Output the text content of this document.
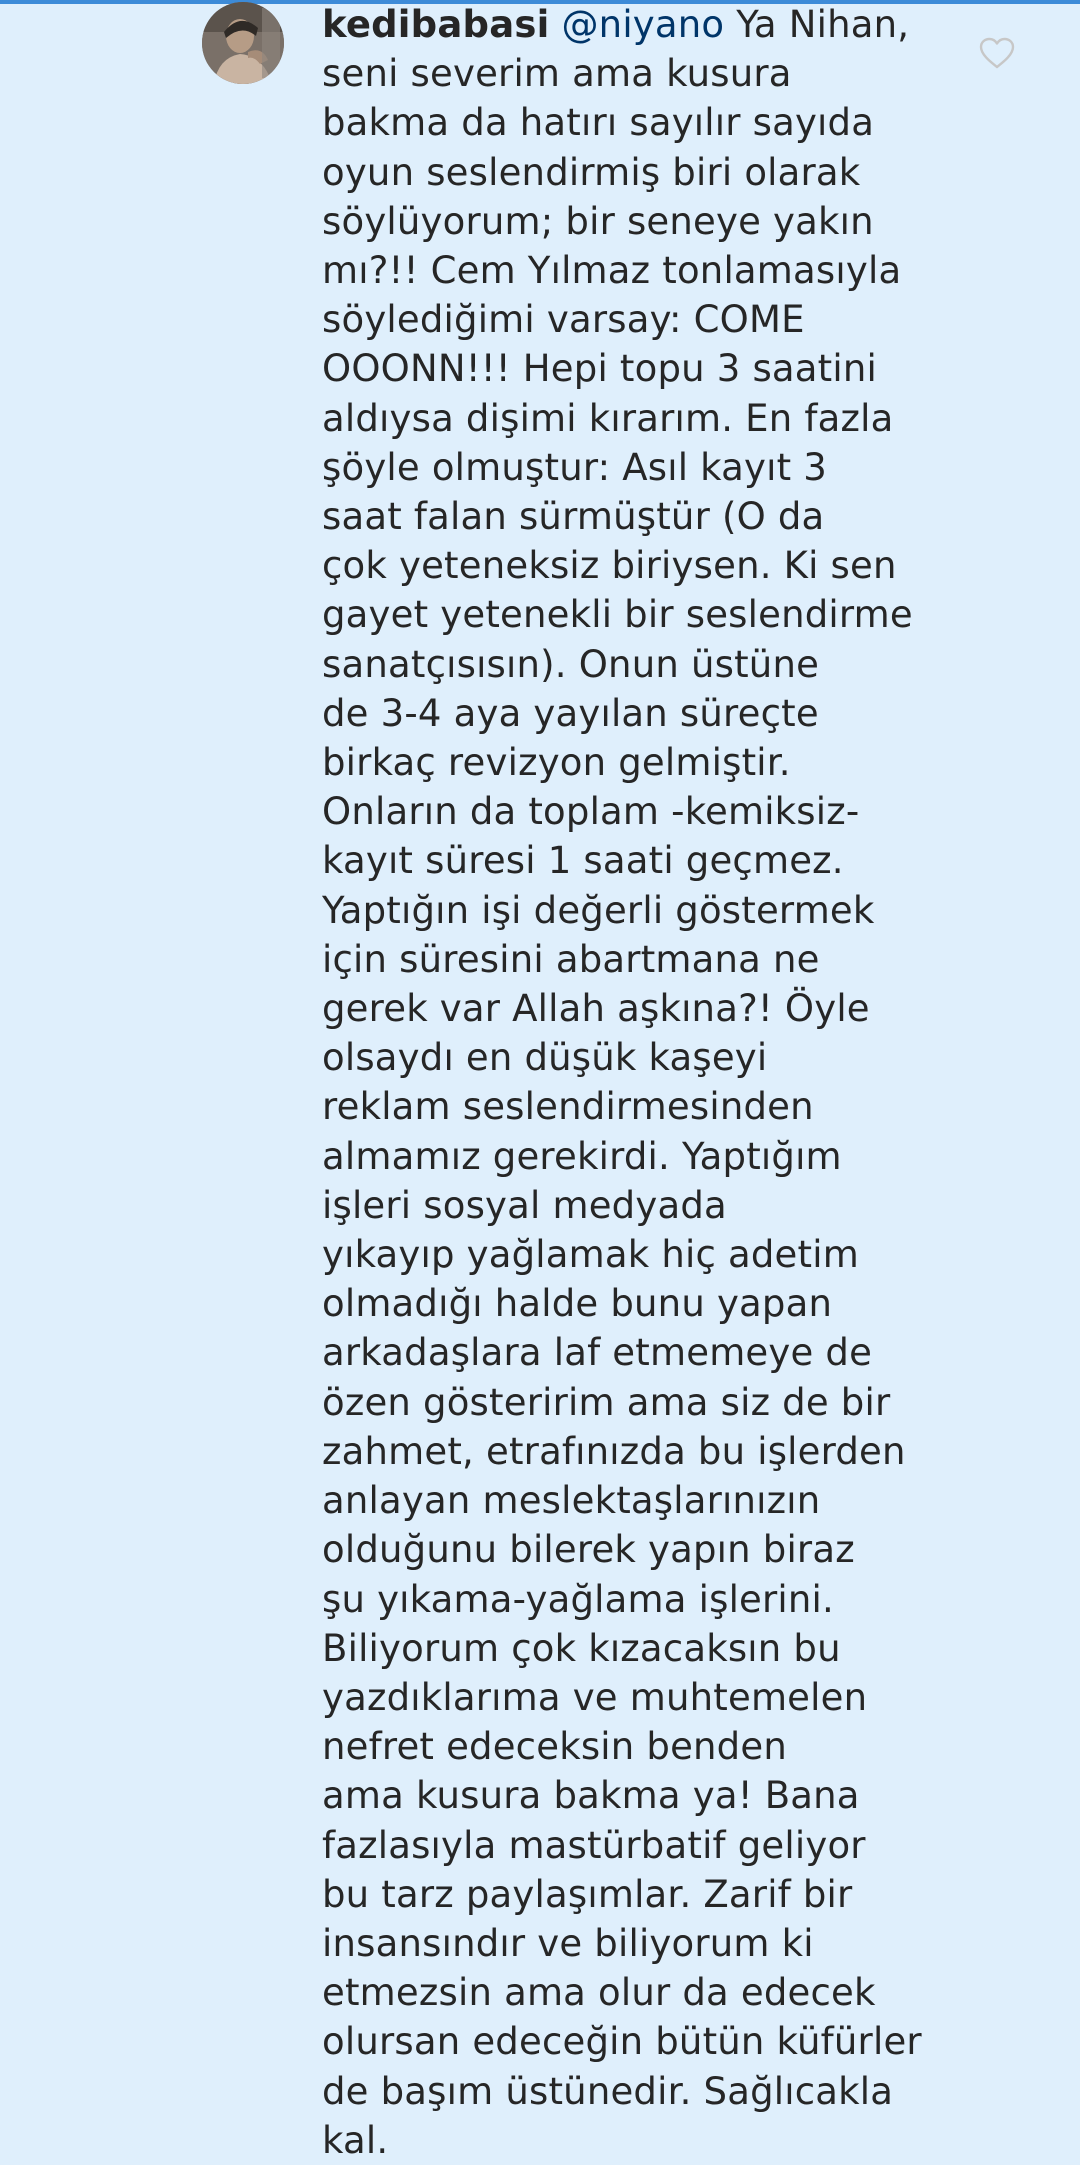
kedibabasi @niyano Ya Nihan,
seni severim ama kusura
bakma da hatırı sayılır sayıda
oyun seslendirmiş biri olarak
söylüyorum; bir seneye yakın
mı?!! Cem Yılmaz tonlamasıyla
söylediğimi varsay: COME
OOONN!!! Hepi topu 3 saatini
aldıysa dişimi kırarım. En fazla
şöyle olmuştur: Asıl kayıt 3
saat falan sürmüştür (O da
çok yeteneksiz biriysen. Ki sen
gayet yetenekli bir seslendirme
sanatçısısın). Onun üstüne
de 3-4 aya yayılan süreçte
birkaç revizyon gelmiştir.
Onların da toplam -kemiksiz-
kayıt süresi 1 saati geçmez.
Yaptığın işi değerli göstermek
için süresini abartmana ne
gerek var Allah aşkına?! Öyle
olsaydı en düşük kaşeyi
reklam seslendirmesinden
almamız gerekirdi. Yaptığım
işleri sosyal medyada
yıkayıp yağlamak hiç adetim
olmadığı halde bunu yapan
arkadaşlara laf etmemeye de
özen gösteririm ama siz de bir
zahmet, etrafınızda bu işlerden
anlayan meslektaşlarınızın
olduğunu bilerek yapın biraz
şu yıkama-yağlama işlerini.
Biliyorum çok kızacaksın bu
yazdıklarıma ve muhtemelen
nefret edeceksin benden
ama kusura bakma ya! Bana
fazlasıyla mastürbatif geliyor
bu tarz paylaşımlar. Zarif bir
insansındır ve biliyorum ki
etmezsin ama olur da edecek
olursan edeceğin bütün küfürler
de başım üstünedir. Sağlıcakla
kal.
